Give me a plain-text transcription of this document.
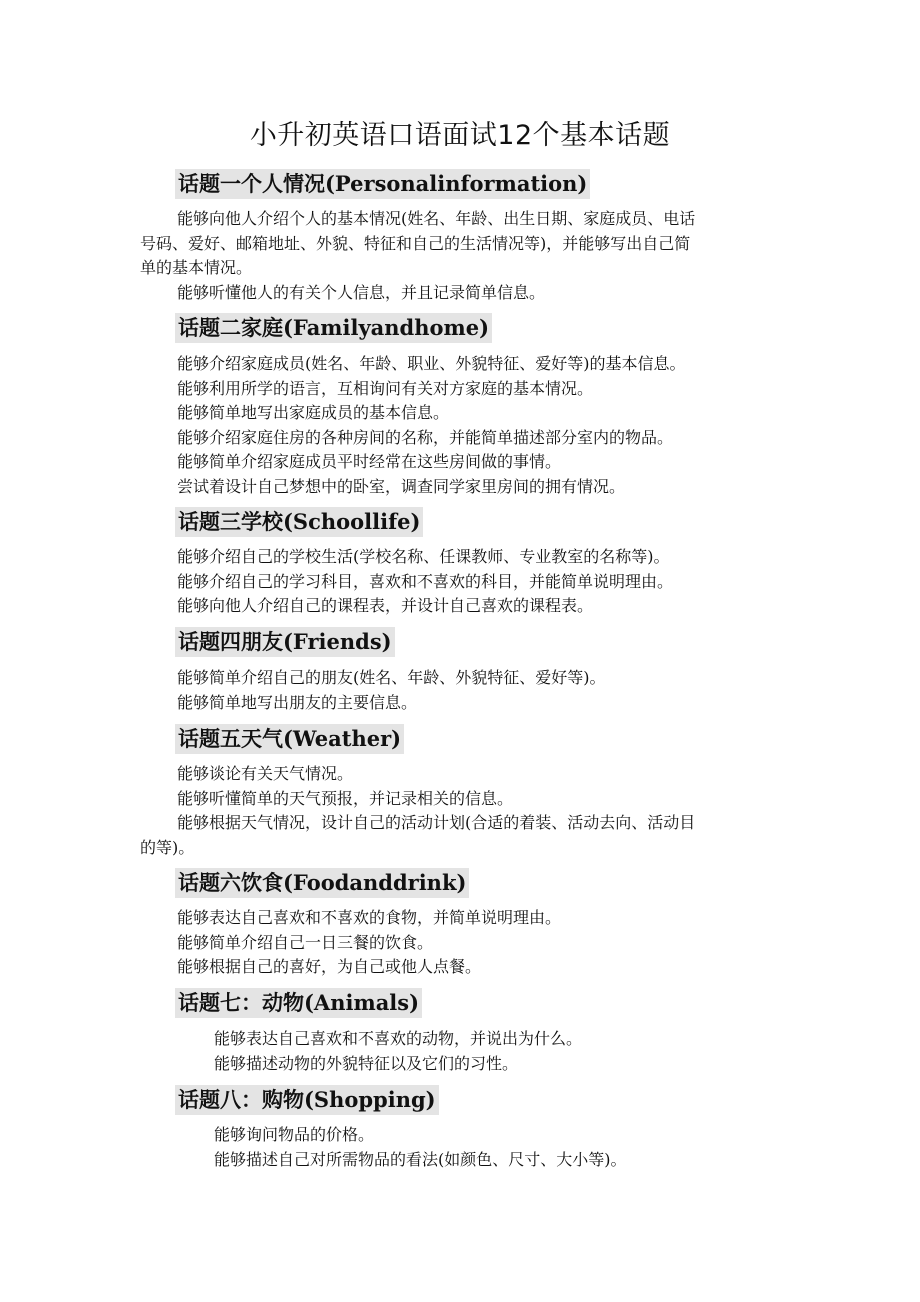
小升初英语口语面试12个基本话题
话题一个人情况(Personalinformation)
能够向他人介绍个人的基本情况(姓名、年龄、出生日期、家庭成员、电话
号码、爱好、邮箱地址、外貌、特征和自己的生活情况等)，并能够写出自己简
单的基本情况。
能够听懂他人的有关个人信息，并且记录简单信息。
话题二家庭(Familyandhome)
能够介绍家庭成员(姓名、年龄、职业、外貌特征、爱好等)的基本信息。
能够利用所学的语言，互相询问有关对方家庭的基本情况。
能够简单地写出家庭成员的基本信息。
能够介绍家庭住房的各种房间的名称，并能简单描述部分室内的物品。
能够简单介绍家庭成员平时经常在这些房间做的事情。
尝试着设计自己梦想中的卧室，调查同学家里房间的拥有情况。
话题三学校(Schoollife)
能够介绍自己的学校生活(学校名称、任课教师、专业教室的名称等)。
能够介绍自己的学习科目，喜欢和不喜欢的科目，并能简单说明理由。
能够向他人介绍自己的课程表，并设计自己喜欢的课程表。
话题四朋友(Friends)
能够简单介绍自己的朋友(姓名、年龄、外貌特征、爱好等)。
能够简单地写出朋友的主要信息。
话题五天气(Weather)
能够谈论有关天气情况。
能够听懂简单的天气预报，并记录相关的信息。
能够根据天气情况，设计自己的活动计划(合适的着装、活动去向、活动目
的等)。
话题六饮食(Foodanddrink)
能够表达自己喜欢和不喜欢的食物，并简单说明理由。
能够简单介绍自己一日三餐的饮食。
能够根据自己的喜好，为自己或他人点餐。
话题七：动物(Animals)
能够表达自己喜欢和不喜欢的动物，并说出为什么。
能够描述动物的外貌特征以及它们的习性。
话题八：购物(Shopping)
能够询问物品的价格。
能够描述自己对所需物品的看法(如颜色、尺寸、大小等)。
